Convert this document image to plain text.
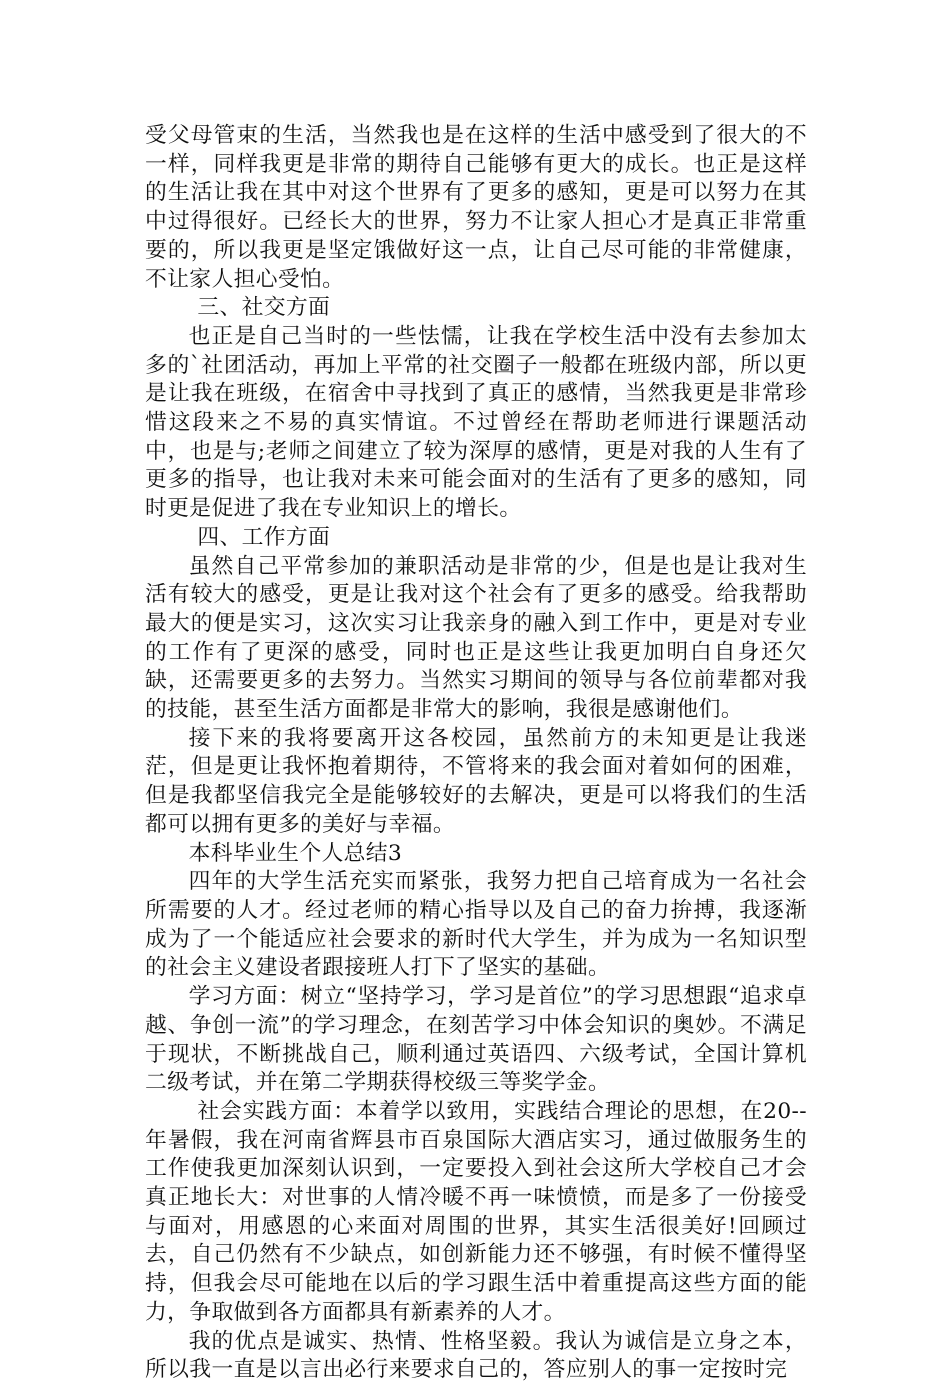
受父母管束的生活，当然我也是在这样的生活中感受到了很大的不一样，同样我更是非常的期待自己能够有更大的成长。也正是这样的生活让我在其中对这个世界有了更多的感知，更是可以努力在其中过得很好。已经长大的世界，努力不让家人担心才是真正非常重要的，所以我更是坚定饿做好这一点，让自己尽可能的非常健康，不让家人担心受怕。

三、社交方面

也正是自己当时的一些怯懦，让我在学校生活中没有去参加太多的`社团活动，再加上平常的社交圈子一般都在班级内部，所以更是让我在班级，在宿舍中寻找到了真正的感情，当然我更是非常珍惜这段来之不易的真实情谊。不过曾经在帮助老师进行课题活动中，也是与;老师之间建立了较为深厚的感情，更是对我的人生有了更多的指导，也让我对未来可能会面对的生活有了更多的感知，同时更是促进了我在专业知识上的增长。

四、工作方面

虽然自己平常参加的兼职活动是非常的少，但是也是让我对生活有较大的感受，更是让我对这个社会有了更多的感受。给我帮助最大的便是实习，这次实习让我亲身的融入到工作中，更是对专业的工作有了更深的感受，同时也正是这些让我更加明白自身还欠缺，还需要更多的去努力。当然实习期间的领导与各位前辈都对我的技能，甚至生活方面都是非常大的影响，我很是感谢他们。

接下来的我将要离开这各校园，虽然前方的未知更是让我迷茫，但是更让我怀抱着期待，不管将来的我会面对着如何的困难，但是我都坚信我完全是能够较好的去解决，更是可以将我们的生活都可以拥有更多的美好与幸福。

本科毕业生个人总结3

四年的大学生活充实而紧张，我努力把自己培育成为一名社会所需要的人才。经过老师的精心指导以及自己的奋力拚搏，我逐渐成为了一个能适应社会要求的新时代大学生，并为成为一名知识型的社会主义建设者跟接班人打下了坚实的基础。

学习方面：树立“坚持学习，学习是首位”的学习思想跟“追求卓越、争创一流”的学习理念，在刻苦学习中体会知识的奥妙。不满足于现状，不断挑战自己，顺利通过英语四、六级考试，全国计算机二级考试，并在第二学期获得校级三等奖学金。

社会实践方面：本着学以致用，实践结合理论的思想，在20--年暑假，我在河南省辉县市百泉国际大酒店实习，通过做服务生的工作使我更加深刻认识到，一定要投入到社会这所大学校自己才会真正地长大：对世事的人情冷暖不再一味愤愤，而是多了一份接受与面对，用感恩的心来面对周围的世界，其实生活很美好!回顾过去，自己仍然有不少缺点，如创新能力还不够强，有时候不懂得坚持，但我会尽可能地在以后的学习跟生活中着重提高这些方面的能力，争取做到各方面都具有新素养的人才。

我的优点是诚实、热情、性格坚毅。我认为诚信是立身之本，所以我一直是以言出必行来要求自己的，答应别人的事一定按时完
